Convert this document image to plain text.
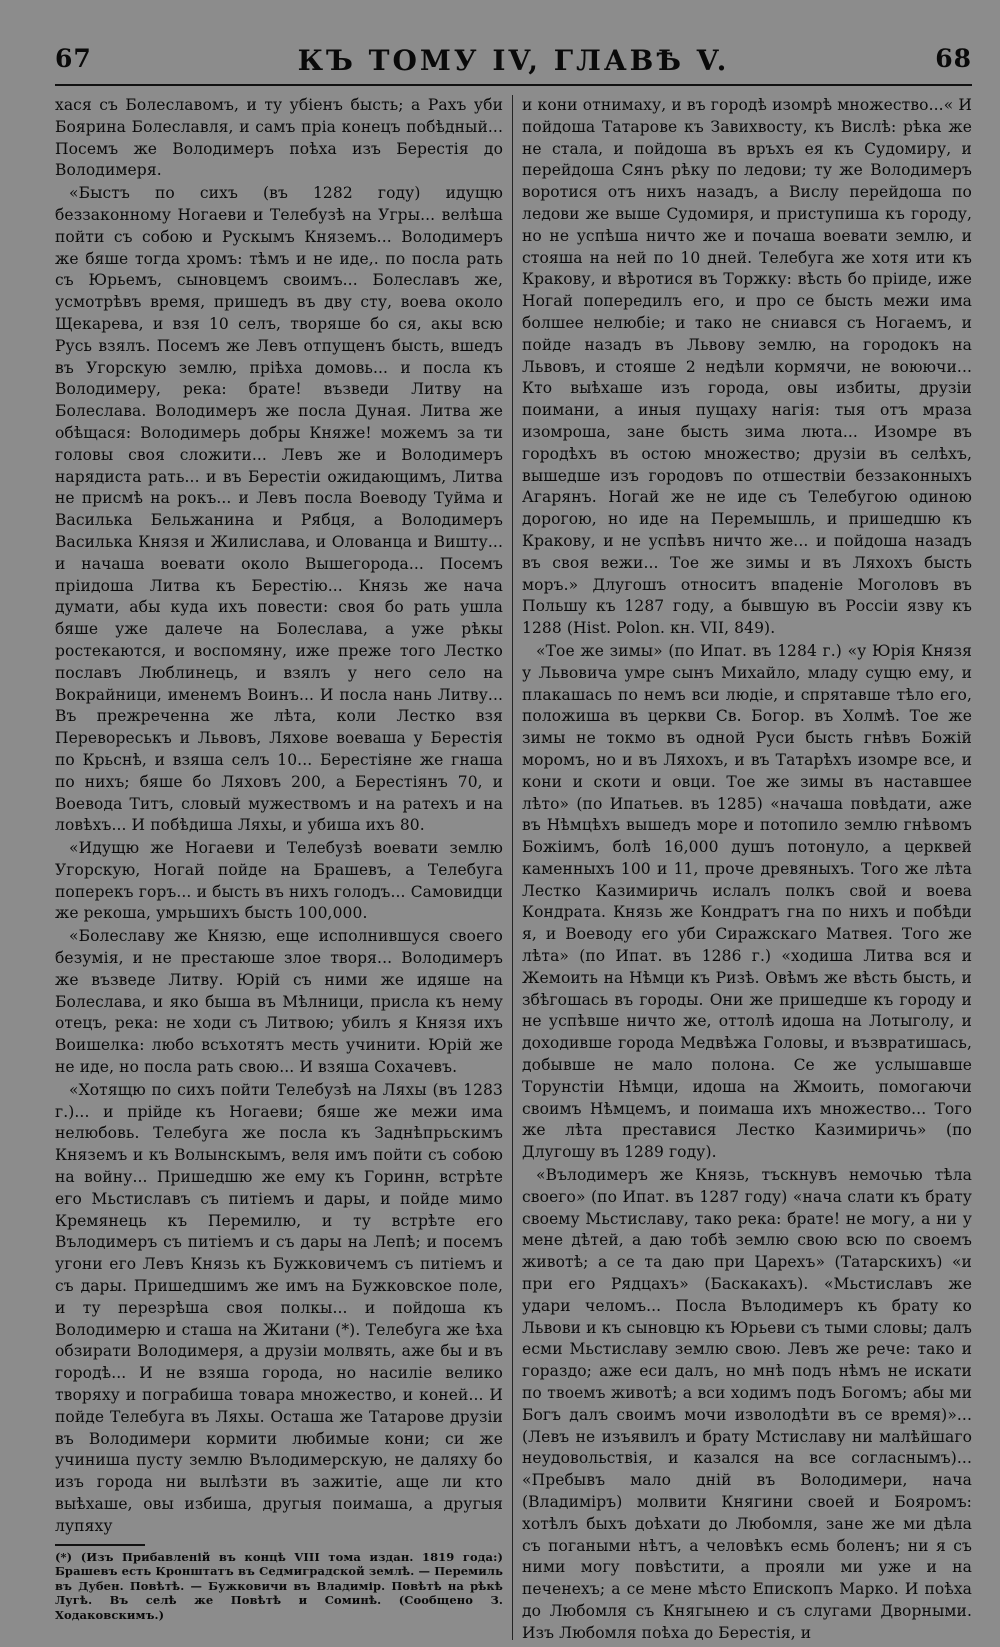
67	КЪ ТОМУ IV, ГЛАВѢ V.	68

хася съ Болеславомъ, и ту убіенъ бысть; а Рахъ уби Боярина Болеславля, и самъ пріа конецъ побѣдный... Посемъ же Володимеръ поѣха изъ Берестія до Володимеря.

«Быстъ по сихъ (въ 1282 году) идущю беззаконному Ногаеви и Телебузѣ на Угры... велѣша пойти съ собою и Рускымъ Княземъ... Володимеръ же бяше тогда хромъ: тѣмъ и не иде,. по посла рать съ Юрьемъ, сыновцемъ своимъ... Болеславъ же, усмотрѣвъ время, пришедъ въ дву сту, воева около Щекарева, и взя 10 селъ, творяше бо ся, акы всю Русь взялъ. Посемъ же Левъ отпущенъ бысть, вшедъ въ Угорскую землю, пріѣха домовь... и посла къ Володимеру, река: брате! възведи Литву на Болеслава. Володимеръ же посла Дуная. Литва же обѣщася: Володимерь добры Княже! можемъ за ти головы своя сложити... Левъ же и Володимеръ нарядиста рать... и въ Берестіи ожидающимъ, Литва не присмѣ на рокъ... и Левъ посла Воеводу Туйма и Василька Бельжанина и Рябця, а Володимеръ Василька Князя и Жилислава, и Олованца и Вишту... и начаша воевати около Вышегорода... Посемъ пріидоша Литва къ Берестію... Князь же нача думати, абы куда ихъ повести: своя бо рать ушла бяше уже далече на Болеслава, а уже рѣкы ростекаются, и воспомяну, иже преже того Лестко пославъ Люблинець, и взялъ у него село на Вокрайници, именемъ Воинъ... И посла нань Литву... Въ прежреченна же лѣта, коли Лестко взя Перевореськъ и Львовъ, Ляхове воеваша у Берестія по Крьснѣ, и взяша селъ 10... Берестіяне же гнаша по нихъ; бяше бо Ляховъ 200, а Берестіянъ 70, и Воевода Титъ, словый мужествомъ и на ратехъ и на ловѣхъ... И побѣдиша Ляхы, и убиша ихъ 80.

«Идущю же Ногаеви и Телебузѣ воевати землю Угорскую, Ногай пойде на Брашевъ, а Телебуга поперекъ горъ... и бысть въ нихъ голодъ... Самовидци же рекоша, умрьшихъ бысть 100,000.

«Болеславу же Князю, еще исполнившуся своего безумія, и не престаюше злое творя... Володимеръ же възведе Литву. Юрій съ ними же идяше на Болеслава, и яко быша въ Мѣлници, присла къ нему отецъ, река: не ходи съ Литвою; убилъ я Князя ихъ Воишелка: любо всъхотятъ месть учинити. Юрій же не иде, но посла рать свою... И взяша Сохачевъ.

«Хотящю по сихъ пойти Телебузѣ на Ляхы (въ 1283 г.)... и прійде къ Ногаеви; бяше же межи има нелюбовь. Телебуга же посла къ Заднѣпрьскимъ Княземъ и къ Волынскымъ, веля имъ пойти съ собою на войну... Пришедшю же ему къ Горинн, встрѣте его Мьстиславъ съ питіемъ и дары, и пойде мимо Кремянець къ Перемилю, и ту встрѣте его Вълодимеръ съ питіемъ и съ дары на Лепѣ; и посемъ угони его Левъ Князь къ Бужковичемъ съ питіемъ и съ дары. Пришедшимъ же имъ на Бужковское поле, и ту перезрѣша своя полкы... и пойдоша къ Володимерю и сташа на Житани (*). Телебуга же ѣха обзирати Володимеря, а друзіи молвять, аже бы и въ городѣ... И не взяша города, но насиліе велико творяху и пограбиша товара множество, и коней... И пойде Телебуга въ Ляхы. Осташа же Татарове друзіи въ Володимери кормити любимые кони; си же учиниша пусту землю Вълодимерскую, не даляху бо изъ города ни вылѣзти въ зажитіе, аще ли кто выѣхаше, овы избиша, другыя поимаша, а другыя лупяху

(*) (Изъ Прибавленій въ концѣ VIII тома издан. 1819 года:) Брашевъ есть Кронштатъ въ Седмиградской землѣ. — Перемиль въ Дубен. Повѣтѣ. — Бужковичи въ Владимір. Повѣтѣ на рѣкѣ Лугѣ. Въ селѣ же Повѣтѣ и Соминѣ. (Сообщено З. Ходаковскимъ.)

и кони отнимаху, и въ городѣ изомрѣ множество...« И пойдоша Татарове къ Завихвосту, къ Вислѣ: рѣка же не стала, и пойдоша въ връхъ ея къ Судомиру, и перейдоша Сянъ рѣку по ледови; ту же Володимеръ воротися отъ нихъ назадъ, а Вислу перейдоша по ледови же выше Судомиря, и приступиша къ городу, но не успѣша ничто же и почаша воевати землю, и стояша на ней по 10 дней. Телебуга же хотя ити къ Кракову, и вѣротися въ Торжку: вѣсть бо пріиде, иже Ногай попередилъ его, и про се бысть межи има болшее нелюбіе; и тако не сниався съ Ногаемъ, и пойде назадъ въ Львову землю, на городокъ на Львовъ, и стояше 2 недѣли кормячи, не воюючи... Кто выѣхаше изъ города, овы избиты, друзіи поимани, а иныя пущаху нагія: тыя отъ мраза изомроша, зане бысть зима люта... Изомре въ городѣхъ въ остою множество; друзіи въ селѣхъ, вышедше изъ городовъ по отшествіи беззаконныхъ Агарянъ. Ногай же не иде съ Телебугою одиною дорогою, но иде на Перемышль, и пришедшю къ Кракову, и не успѣвъ ничто же... и пойдоша назадъ въ своя вежи... Тое же зимы и въ Ляхохъ бысть моръ.» Длугошъ относитъ впаденіе Моголовъ въ Польшу къ 1287 году, а бывшую въ Россіи язву къ 1288 (Hist. Polon. кн. VII, 849).

«Тое же зимы» (по Ипат. въ 1284 г.) «у Юрія Князя у Львовича умре сынъ Михайло, младу сущю ему, и плакашась по немъ вси людіе, и спрятавше тѣло его, положиша въ церкви Св. Богор. въ Холмѣ. Тое же зимы не токмо въ одной Руси бысть гнѣвъ Божій моромъ, но и въ Ляхохъ, и въ Татарѣхъ изомре все, и кони и скоти и овци. Тое же зимы въ наставшее лѣто» (по Ипатьев. въ 1285) «начаша повѣдати, аже въ Нѣмцѣхъ вышедъ море и потопило землю гнѣвомъ Божіимъ, болѣ 16,000 душъ потонуло, а церквей каменныхъ 100 и 11, проче древяныхъ. Того же лѣта Лестко Казимиричь ислалъ полкъ свой и воева Кондрата. Князь же Кондратъ гна по нихъ и побѣди я, и Воеводу его уби Сиражскаго Матвея. Того же лѣта» (по Ипат. въ 1286 г.) «ходиша Литва вся и Жемоить на Нѣмци къ Ризѣ. Овѣмъ же вѣсть бысть, и збѣгошась въ городы. Они же пришедше къ городу и не успѣвше ничто же, оттолѣ идоша на Лотыголу, и доходивше города Медвѣжа Головы, и възвратишась, добывше не мало полона. Се же услышавше Торунстіи Нѣмци, идоша на Жмоить, помогаючи своимъ Нѣмцемъ, и поимаша ихъ множество... Того же лѣта преставися Лестко Казимиричь» (по Длугошу въ 1289 году).

«Вълодимеръ же Князь, тъскнувъ немочью тѣла своего» (по Ипат. въ 1287 году) «нача слати къ брату своему Мьстиславу, тако река: брате! не могу, а ни у мене дѣтей, а даю тобѣ землю свою всю по своемъ животѣ; а се та даю при Царехъ» (Татарскихъ) «и при его Рядцахъ» (Баскакахъ). «Мьстиславъ же удари челомъ... Посла Вълодимеръ къ брату ко Львови и къ сыновцю къ Юрьеви съ тыми словы; далъ есми Мьстиславу землю свою. Левъ же рече: тако и гораздо; аже еси далъ, но мнѣ подъ нѣмъ не искати по твоемъ животѣ; а вси ходимъ подъ Богомъ; абы ми Богъ далъ своимъ мочи изволодѣти въ се время)»... (Левъ не изъявилъ и брату Мстиславу ни малѣйшаго неудовольствія, и казался на все согласнымъ)... «Пребывъ мало дній въ Володимери, нача (Владиміръ) молвити Княгини своей и Бояромъ: хотѣлъ быхъ доѣхати до Любомля, зане же ми дѣла съ погаными нѣтъ, а человѣкъ есмь боленъ; ни я съ ними могу повѣстити, а прояли ми уже и на печенехъ; а се мене мѣсто Епископъ Марко. И поѣха до Любомля съ Княгынею и съ слугами Дворными. Изъ Любомля поѣха до Берестія, и
